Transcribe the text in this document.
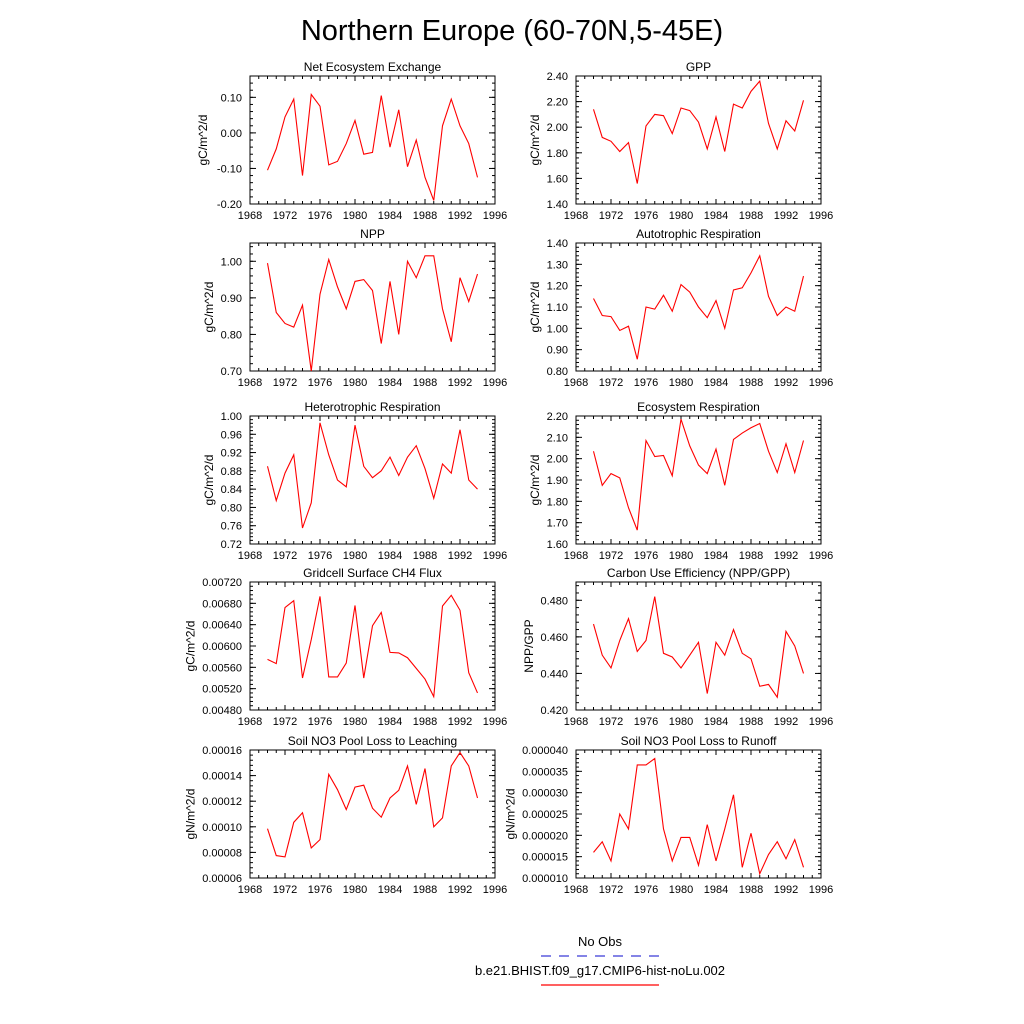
Northern Europe (60-70N,5-45E)
Net Ecosystem Exchange
1968 1972 1976 1980 1984 1988 1992 1996
-0.20
-0.10
0.00
0.10
gC/m^2/d
GPP
1968 1972 1976 1980 1984 1988 1992 1996
1.40
1.60
1.80
2.00
2.20
2.40
gC/m^2/d
NPP
1968 1972 1976 1980 1984 1988 1992 1996
0.70
0.80
0.90
1.00
gC/m^2/d
Autotrophic Respiration
1968 1972 1976 1980 1984 1988 1992 1996
0.80
0.90
1.00
1.10
1.20
1.30
1.40
gC/m^2/d
Heterotrophic Respiration
1968 1972 1976 1980 1984 1988 1992 1996
0.72
0.76
0.80
0.84
0.88
0.92
0.96
1.00
gC/m^2/d
Ecosystem Respiration
1968 1972 1976 1980 1984 1988 1992 1996
1.60
1.70
1.80
1.90
2.00
2.10
2.20
gC/m^2/d
Gridcell Surface CH4 Flux
1968 1972 1976 1980 1984 1988 1992 1996
0.00480
0.00520
0.00560
0.00600
0.00640
0.00680
0.00720
gC/m^2/d
Carbon Use Efficiency (NPP/GPP)
1968 1972 1976 1980 1984 1988 1992 1996
0.420
0.440
0.460
0.480
NPP/GPP
Soil NO3 Pool Loss to Leaching
1968 1972 1976 1980 1984 1988 1992 1996
0.00006
0.00008
0.00010
0.00012
0.00014
0.00016
gN/m^2/d
Soil NO3 Pool Loss to Runoff
1968 1972 1976 1980 1984 1988 1992 1996
0.000010
0.000015
0.000020
0.000025
0.000030
0.000035
0.000040
gN/m^2/d
No Obs
b.e21.BHIST.f09_g17.CMIP6-hist-noLu.002
